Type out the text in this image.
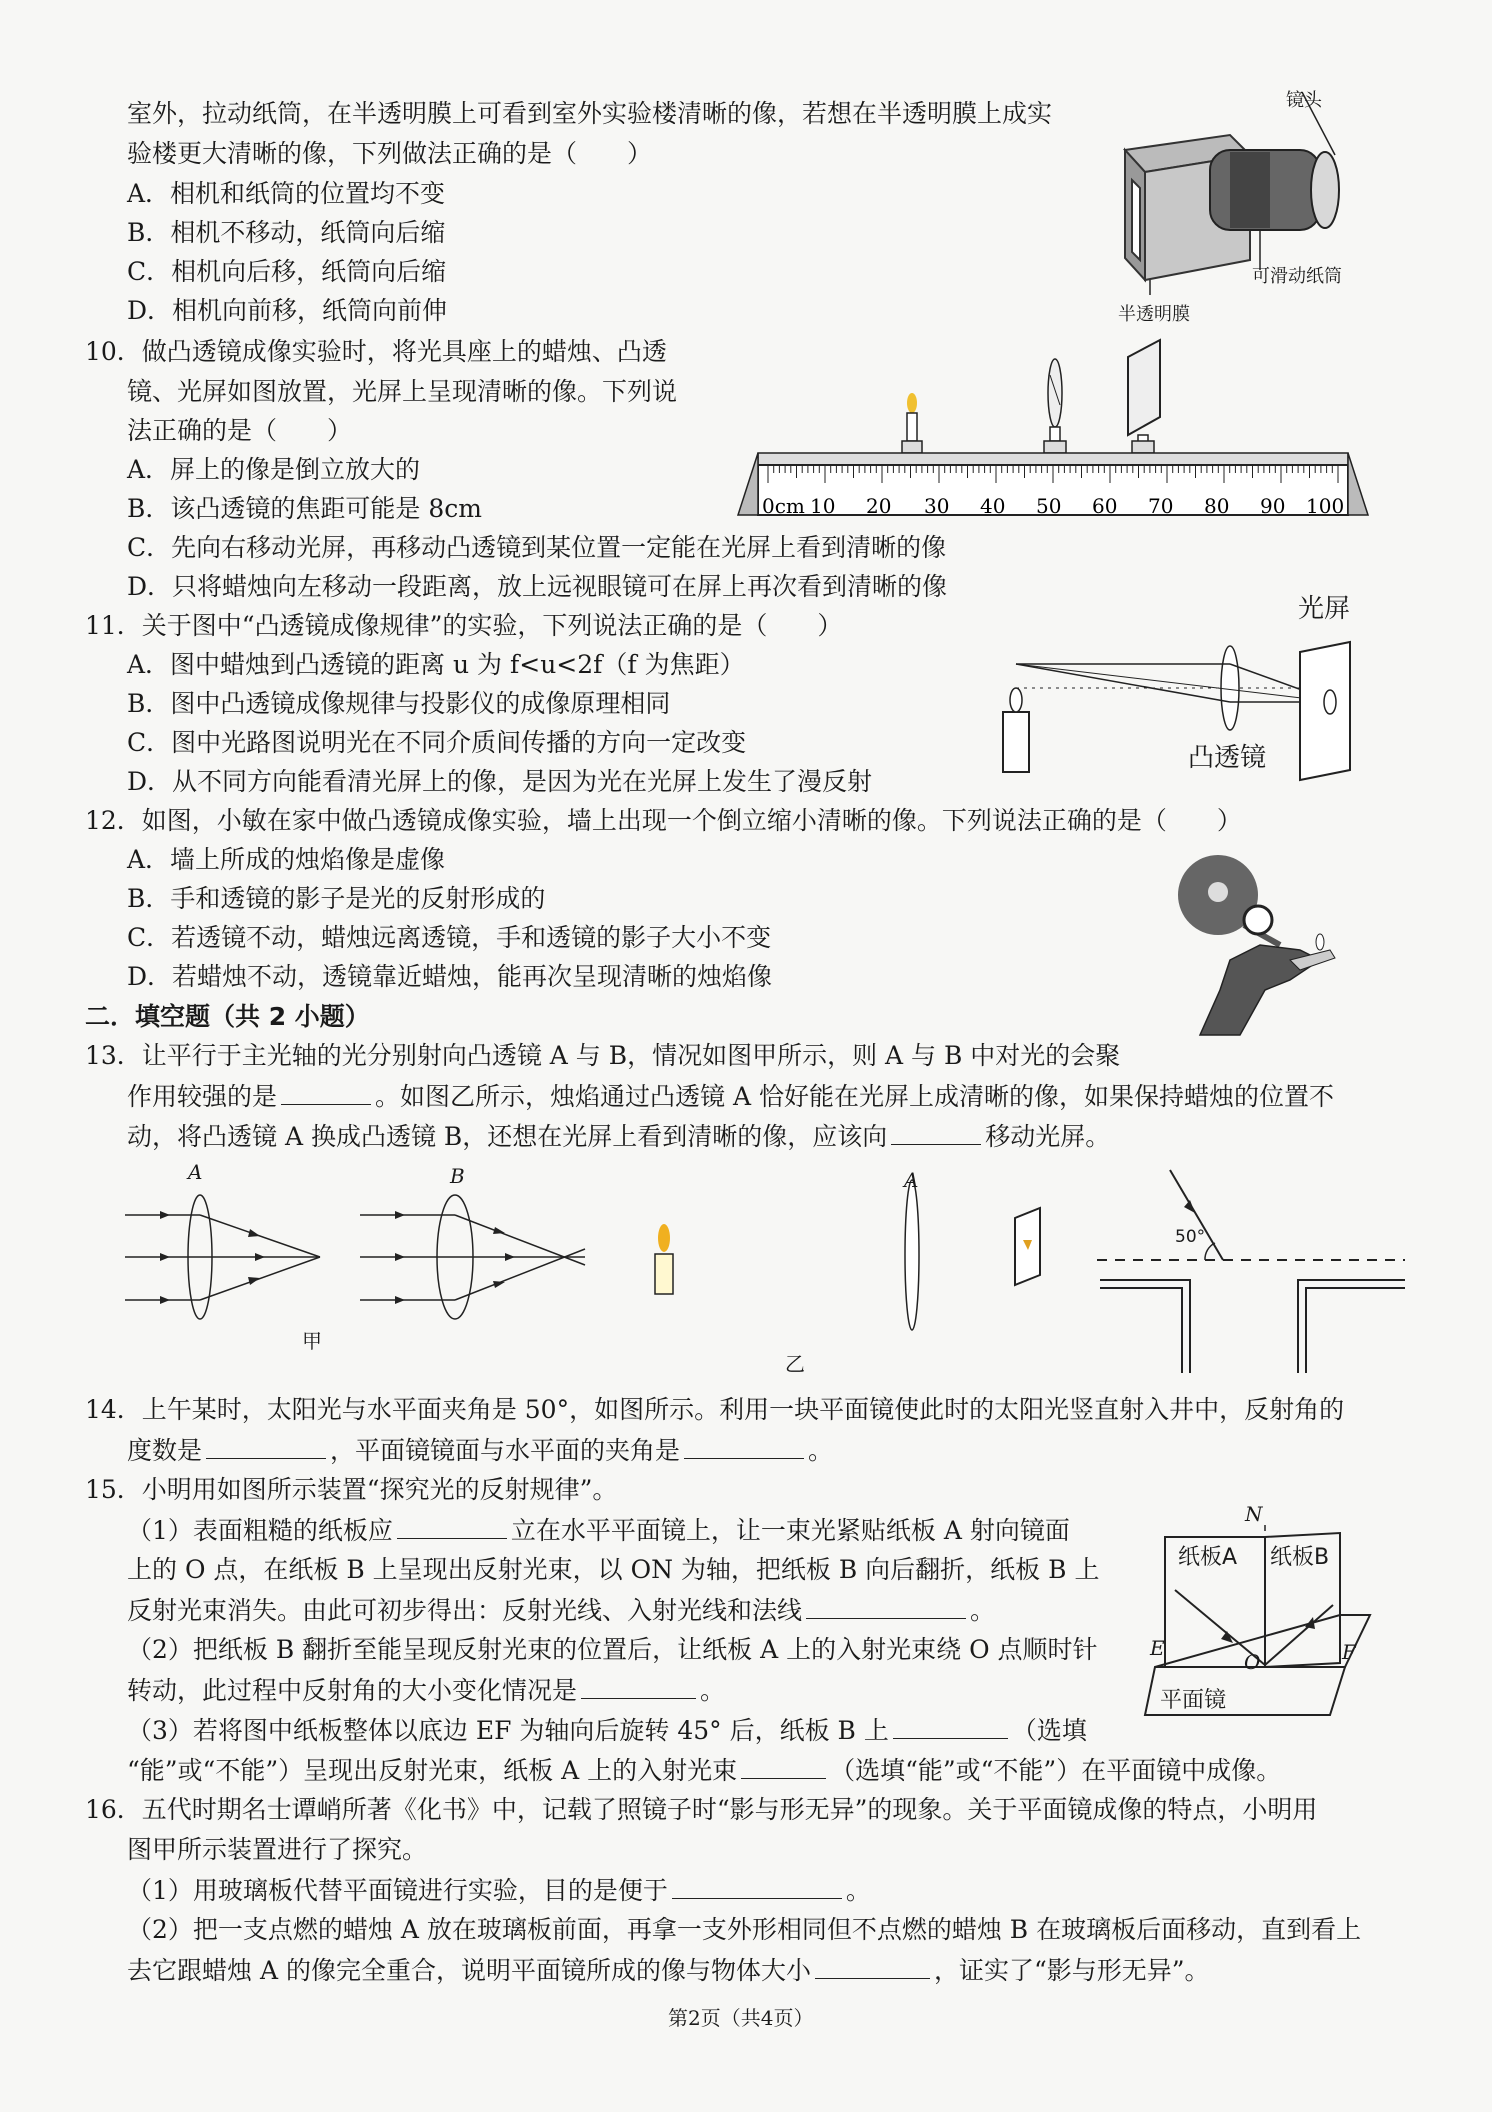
室外，拉动纸筒，在半透明膜上可看到室外实验楼清晰的像，若想在半透明膜上成实
验楼更大清晰的像，下列做法正确的是（　　）
A．相机和纸筒的位置均不变
B．相机不移动，纸筒向后缩
C．相机向后移，纸筒向后缩
D．相机向前移，纸筒向前伸
镜头
可滑动纸筒
半透明膜
10．做凸透镜成像实验时，将光具座上的蜡烛、凸透
镜、光屏如图放置，光屏上呈现清晰的像。下列说
法正确的是（　　）
A．屏上的像是倒立放大的
B．该凸透镜的焦距可能是 8cm
C．先向右移动光屏，再移动凸透镜到某位置一定能在光屏上看到清晰的像
D．只将蜡烛向左移动一段距离，放上远视眼镜可在屏上再次看到清晰的像
0cm 10 20 30 40 50 60 70 80 90 100
11．关于图中“凸透镜成像规律”的实验，下列说法正确的是（　　）
A．图中蜡烛到凸透镜的距离 u 为 f<u<2f（f 为焦距）
B．图中凸透镜成像规律与投影仪的成像原理相同
C．图中光路图说明光在不同介质间传播的方向一定改变
D．从不同方向能看清光屏上的像，是因为光在光屏上发生了漫反射
光屏
凸透镜
12．如图，小敏在家中做凸透镜成像实验，墙上出现一个倒立缩小清晰的像。下列说法正确的是（　　）
A．墙上所成的烛焰像是虚像
B．手和透镜的影子是光的反射形成的
C．若透镜不动，蜡烛远离透镜，手和透镜的影子大小不变
D．若蜡烛不动，透镜靠近蜡烛，能再次呈现清晰的烛焰像
二．填空题（共 2 小题）
13．让平行于主光轴的光分别射向凸透镜 A 与 B，情况如图甲所示，则 A 与 B 中对光的会聚
作用较强的是	。如图乙所示，烛焰通过凸透镜 A 恰好能在光屏上成清晰的像，如果保持蜡烛的位置不
动，将凸透镜 A 换成凸透镜 B，还想在光屏上看到清晰的像，应该向	移动光屏。
A	B
甲
A
乙
50°
14．上午某时，太阳光与水平面夹角是 50°，如图所示。利用一块平面镜使此时的太阳光竖直射入井中，反射角的
度数是	，平面镜镜面与水平面的夹角是	。
15．小明用如图所示装置“探究光的反射规律”。
（1）表面粗糙的纸板应	立在水平平面镜上，让一束光紧贴纸板 A 射向镜面
上的 O 点，在纸板 B 上呈现出反射光束，以 ON 为轴，把纸板 B 向后翻折，纸板 B 上
反射光束消失。由此可初步得出：反射光线、入射光线和法线	。
（2）把纸板 B 翻折至能呈现反射光束的位置后，让纸板 A 上的入射光束绕 O 点顺时针
转动，此过程中反射角的大小变化情况是	。
（3）若将图中纸板整体以底边 EF 为轴向后旋转 45° 后，纸板 B 上	（选填
“能”或“不能”）呈现出反射光束，纸板 A 上的入射光束	（选填“能”或“不能”）在平面镜中成像。
N
纸板A 纸板B
E
O	F
平面镜
16．五代时期名士谭峭所著《化书》中，记载了照镜子时“影与形无异”的现象。关于平面镜成像的特点，小明用
图甲所示装置进行了探究。
（1）用玻璃板代替平面镜进行实验，目的是便于	。
（2）把一支点燃的蜡烛 A 放在玻璃板前面，再拿一支外形相同但不点燃的蜡烛 B 在玻璃板后面移动，直到看上
去它跟蜡烛 A 的像完全重合，说明平面镜所成的像与物体大小	，证实了“影与形无异”。
第2页（共4页）
